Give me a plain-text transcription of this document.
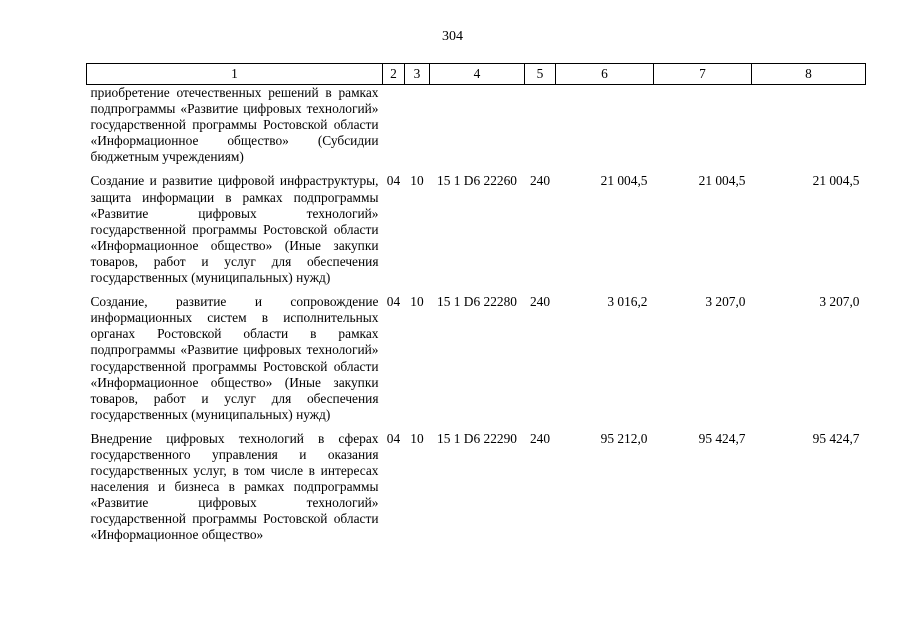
304
1	2	3	4	5	6	7	8
приобретение отечественных решений в рамках подпрограммы «Развитие цифровых технологий» государственной программы Ростовской области «Информационное общество» (Субсидии бюджетным учреждениям)							
Создание и развитие цифровой инфраструктуры, защита информации в рамках подпрограммы «Развитие цифровых технологий» государственной программы Ростовской области «Информационное общество» (Иные закупки товаров, работ и услуг для обеспечения государственных (муниципальных) нужд)	04	10	15 1 D6 22260	240	21 004,5	21 004,5	21 004,5
Создание, развитие и сопровождение информационных систем в исполнительных органах Ростовской области в рамках подпрограммы «Развитие цифровых технологий» государственной программы Ростовской области «Информационное общество» (Иные закупки товаров, работ и услуг для обеспечения государственных (муниципальных) нужд)	04	10	15 1 D6 22280	240	3 016,2	3 207,0	3 207,0
Внедрение цифровых технологий в сферах государственного управления и оказания государственных услуг, в том числе в интересах населения и бизнеса в рамках подпрограммы «Развитие цифровых технологий» государственной программы Ростовской области «Информационное общество»	04	10	15 1 D6 22290	240	95 212,0	95 424,7	95 424,7
